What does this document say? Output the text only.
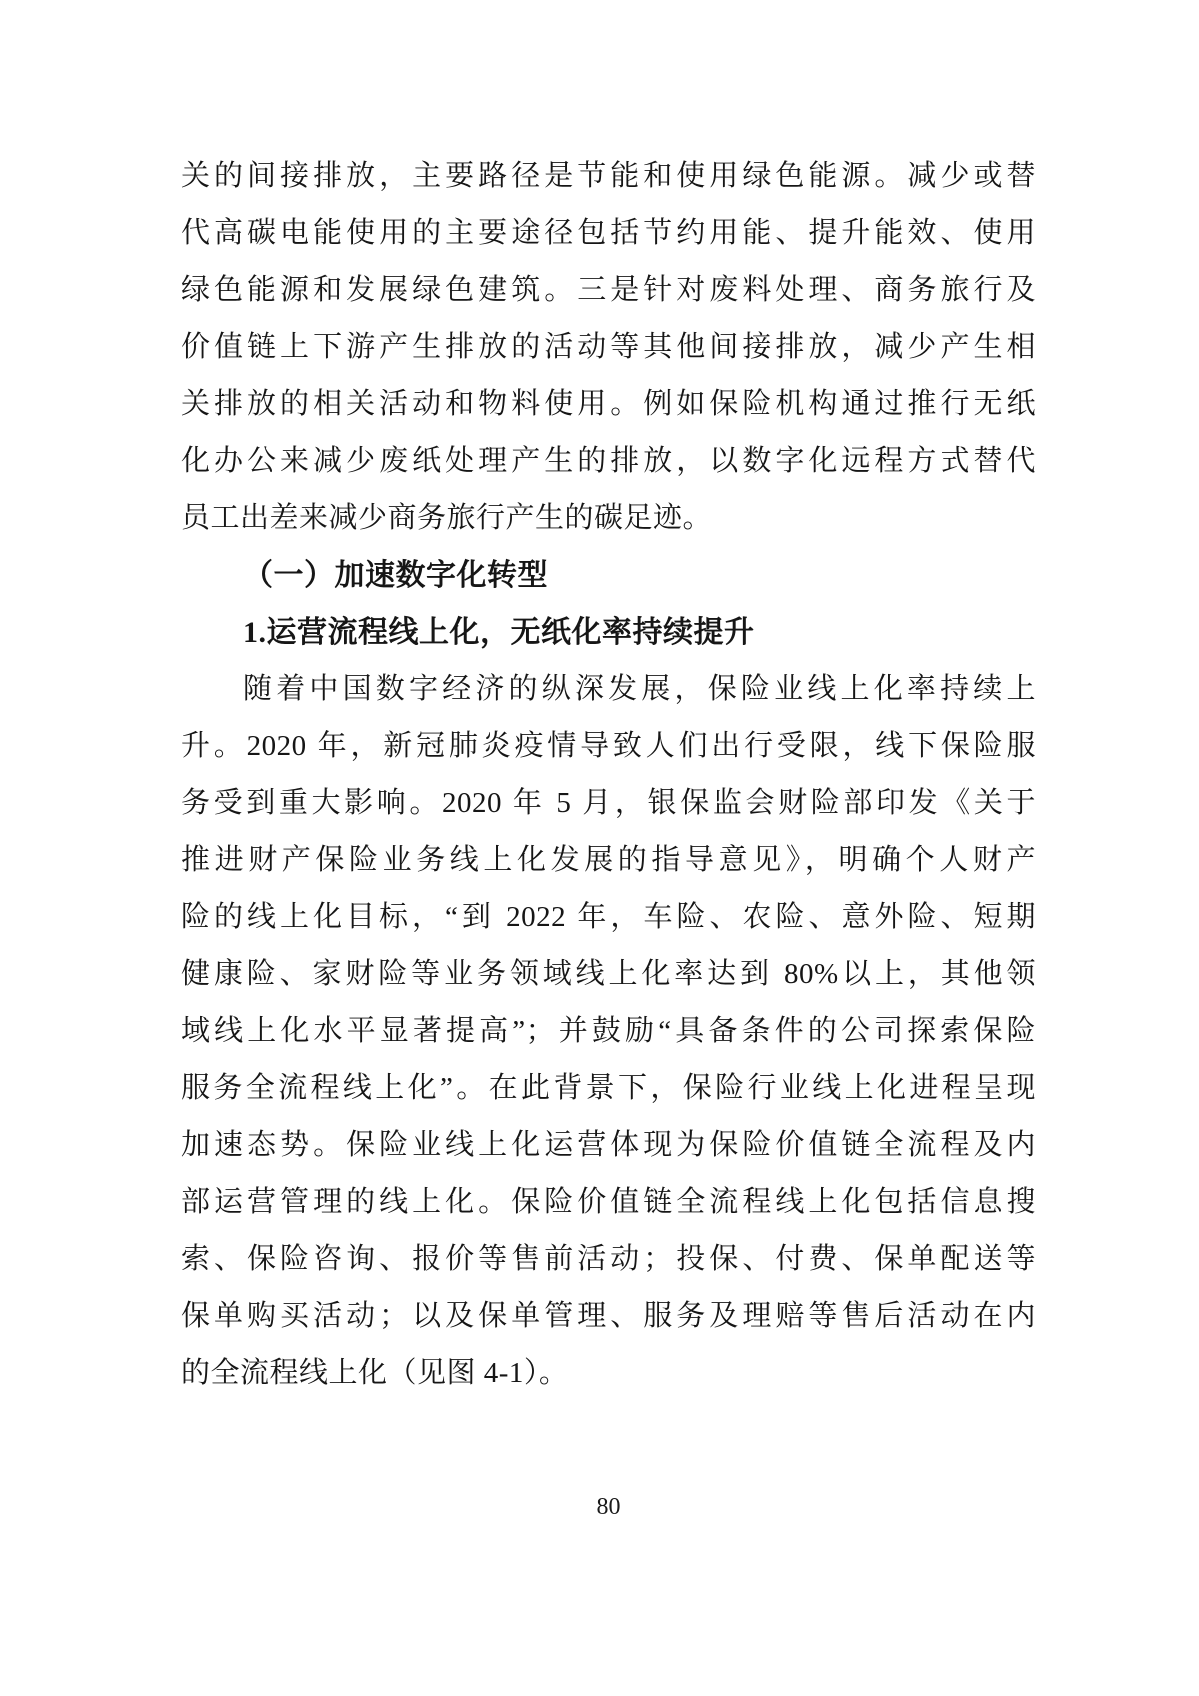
关的间接排放，主要路径是节能和使用绿色能源。减少或替
代高碳电能使用的主要途径包括节约用能、提升能效、使用
绿色能源和发展绿色建筑。三是针对废料处理、商务旅行及
价值链上下游产生排放的活动等其他间接排放，减少产生相
关排放的相关活动和物料使用。例如保险机构通过推行无纸
化办公来减少废纸处理产生的排放，以数字化远程方式替代
员工出差来减少商务旅行产生的碳足迹。
（一）加速数字化转型
1.运营流程线上化，无纸化率持续提升
随着中国数字经济的纵深发展，保险业线上化率持续上
升。2020 年，新冠肺炎疫情导致人们出行受限，线下保险服
务受到重大影响。2020 年 5 月，银保监会财险部印发《关于
推进财产保险业务线上化发展的指导意见》，明确个人财产
险的线上化目标，“到 2022 年，车险、农险、意外险、短期
健康险、家财险等业务领域线上化率达到 80%以上，其他领
域线上化水平显著提高”；并鼓励“具备条件的公司探索保险
服务全流程线上化”。在此背景下，保险行业线上化进程呈现
加速态势。保险业线上化运营体现为保险价值链全流程及内
部运营管理的线上化。保险价值链全流程线上化包括信息搜
索、保险咨询、报价等售前活动；投保、付费、保单配送等
保单购买活动；以及保单管理、服务及理赔等售后活动在内
的全流程线上化（见图 4-1）。
80
